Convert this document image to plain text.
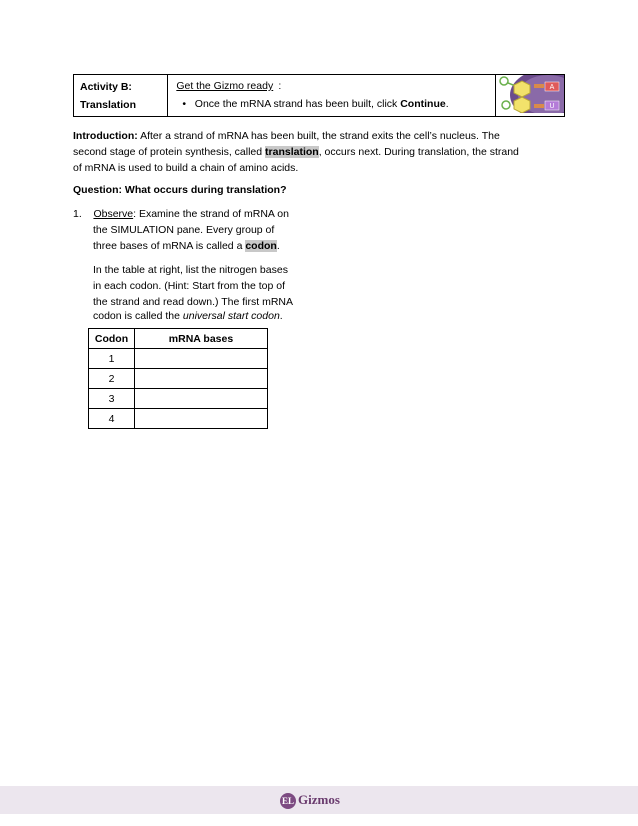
Activity B:
Translation

Get the Gizmo ready :
• Once the mRNA strand has been built, click Continue.

A
U
Introduction: After a strand of mRNA has been built, the strand exits the cell’s nucleus. The
second stage of protein synthesis, called translation, occurs next. During translation, the strand
of mRNA is used to build a chain of amino acids.
Question: What occurs during translation?
1. Observe: Examine the strand of mRNA on
the SIMULATION pane. Every group of
three bases of mRNA is called a codon.
In the table at right, list the nitrogen bases
in each codon. (Hint: Start from the top of
the strand and read down.) The first mRNA
codon is called the universal start codon.
Codon	mRNA bases
1	
2	
3	
4	
EL Gizmos
